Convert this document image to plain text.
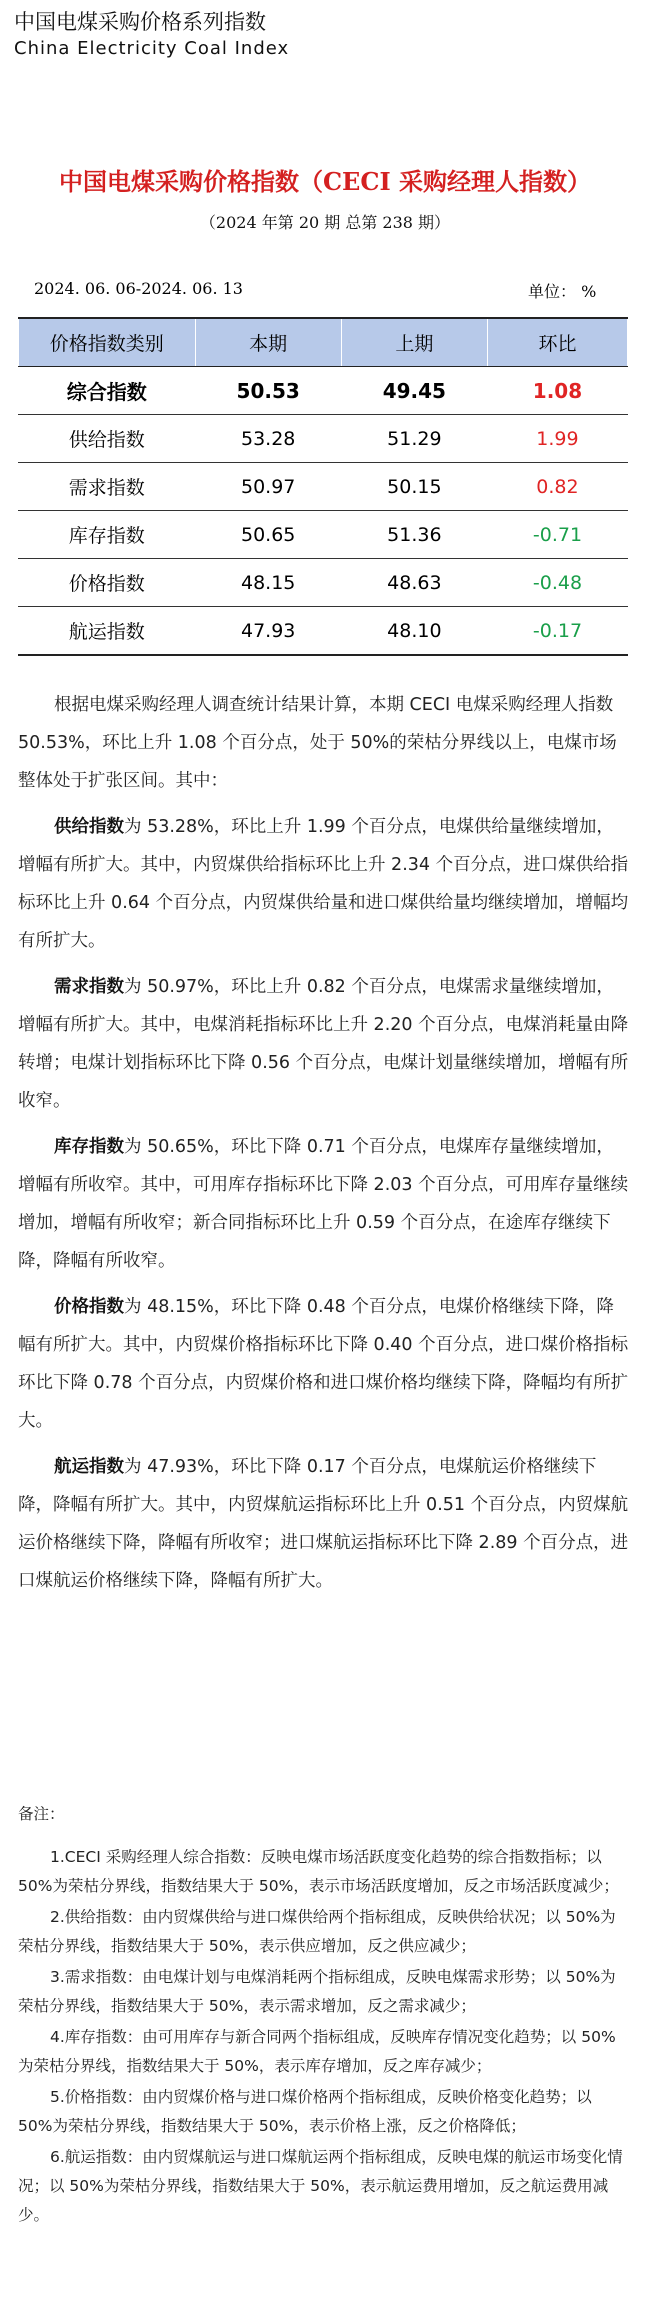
中国电煤采购价格系列指数
China Electricity Coal Index
中国电煤采购价格指数（CECI 采购经理人指数）
（2024 年第 20 期 总第 238 期）
2024. 06. 06-2024. 06. 13	单位： %
价格指数类别	本期	上期	环比
综合指数	50.53	49.45	1.08
供给指数	53.28	51.29	1.99
需求指数	50.97	50.15	0.82
库存指数	50.65	51.36	-0.71
价格指数	48.15	48.63	-0.48
航运指数	47.93	48.10	-0.17

根据电煤采购经理人调查统计结果计算，本期 CECI 电煤采购经理人指数 50.53%，环比上升 1.08 个百分点，处于 50%的荣枯分界线以上，电煤市场整体处于扩张区间。其中：

供给指数为 53.28%，环比上升 1.99 个百分点，电煤供给量继续增加，增幅有所扩大。其中，内贸煤供给指标环比上升 2.34 个百分点，进口煤供给指标环比上升 0.64 个百分点，内贸煤供给量和进口煤供给量均继续增加，增幅均有所扩大。

需求指数为 50.97%，环比上升 0.82 个百分点，电煤需求量继续增加，增幅有所扩大。其中，电煤消耗指标环比上升 2.20 个百分点，电煤消耗量由降转增；电煤计划指标环比下降 0.56 个百分点，电煤计划量继续增加，增幅有所收窄。

库存指数为 50.65%，环比下降 0.71 个百分点，电煤库存量继续增加，增幅有所收窄。其中，可用库存指标环比下降 2.03 个百分点，可用库存量继续增加，增幅有所收窄；新合同指标环比上升 0.59 个百分点，在途库存继续下降，降幅有所收窄。

价格指数为 48.15%，环比下降 0.48 个百分点，电煤价格继续下降，降幅有所扩大。其中，内贸煤价格指标环比下降 0.40 个百分点，进口煤价格指标环比下降 0.78 个百分点，内贸煤价格和进口煤价格均继续下降，降幅均有所扩大。

航运指数为 47.93%，环比下降 0.17 个百分点，电煤航运价格继续下降，降幅有所扩大。其中，内贸煤航运指标环比上升 0.51 个百分点，内贸煤航运价格继续下降，降幅有所收窄；进口煤航运指标环比下降 2.89 个百分点，进口煤航运价格继续下降，降幅有所扩大。

备注：

1.CECI 采购经理人综合指数：反映电煤市场活跃度变化趋势的综合指数指标；以 50%为荣枯分界线，指数结果大于 50%，表示市场活跃度增加，反之市场活跃度减少；

2.供给指数：由内贸煤供给与进口煤供给两个指标组成，反映供给状况；以 50%为荣枯分界线，指数结果大于 50%，表示供应增加，反之供应减少；

3.需求指数：由电煤计划与电煤消耗两个指标组成，反映电煤需求形势；以 50%为荣枯分界线，指数结果大于 50%，表示需求增加，反之需求减少；

4.库存指数：由可用库存与新合同两个指标组成，反映库存情况变化趋势；以 50%为荣枯分界线，指数结果大于 50%，表示库存增加，反之库存减少；

5.价格指数：由内贸煤价格与进口煤价格两个指标组成，反映价格变化趋势；以 50%为荣枯分界线，指数结果大于 50%，表示价格上涨，反之价格降低；

6.航运指数：由内贸煤航运与进口煤航运两个指标组成，反映电煤的航运市场变化情况；以 50%为荣枯分界线，指数结果大于 50%，表示航运费用增加，反之航运费用减少。
